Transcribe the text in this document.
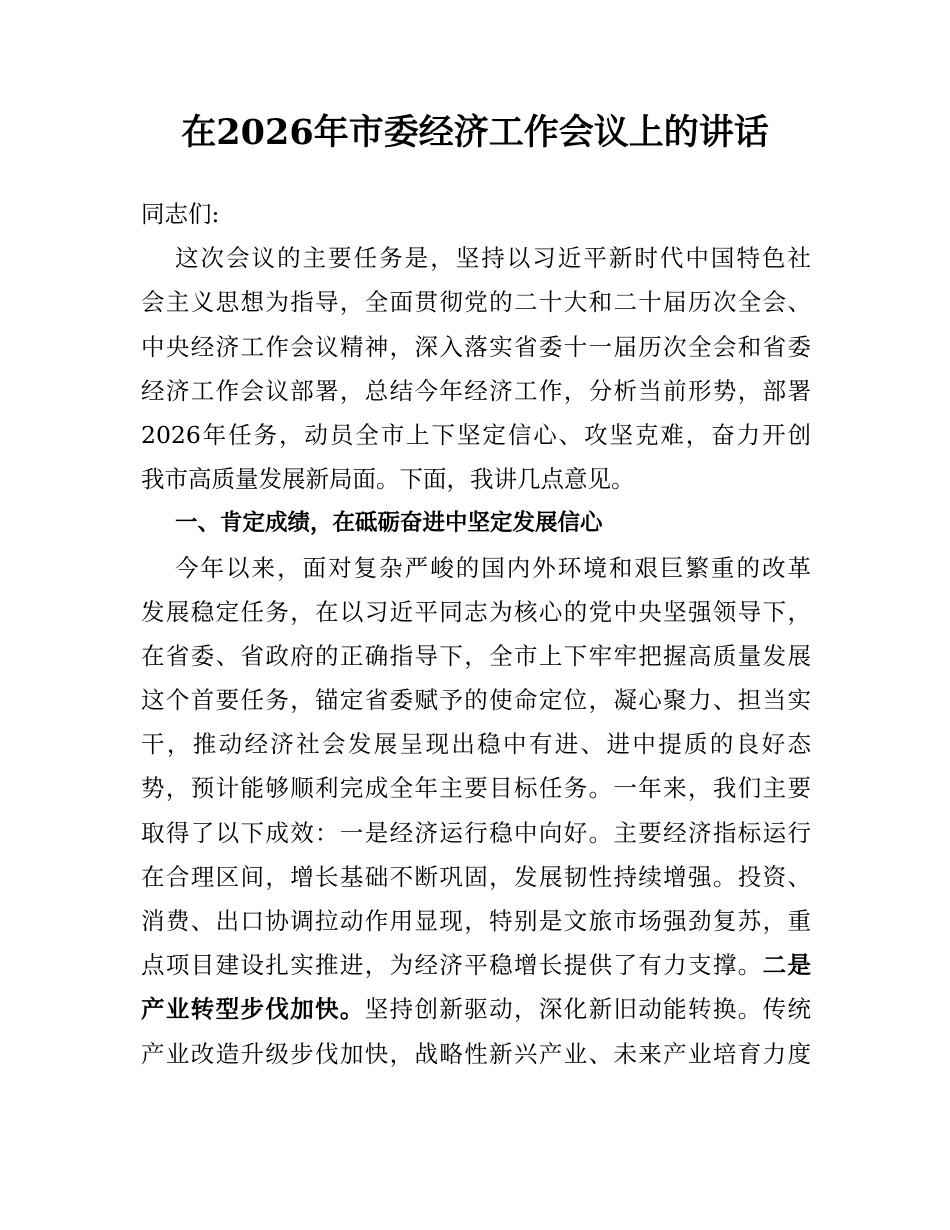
在2026年市委经济工作会议上的讲话
同志们:
这次会议的主要任务是，坚持以习近平新时代中国特色社
会主义思想为指导，全面贯彻党的二十大和二十届历次全会、
中央经济工作会议精神，深入落实省委十一届历次全会和省委
经济工作会议部署，总结今年经济工作，分析当前形势，部署
2026年任务，动员全市上下坚定信心、攻坚克难，奋力开创
我市高质量发展新局面。下面，我讲几点意见。
一、肯定成绩，在砥砺奋进中坚定发展信心
今年以来，面对复杂严峻的国内外环境和艰巨繁重的改革
发展稳定任务，在以习近平同志为核心的党中央坚强领导下，
在省委、省政府的正确指导下，全市上下牢牢把握高质量发展
这个首要任务，锚定省委赋予的使命定位，凝心聚力、担当实
干，推动经济社会发展呈现出稳中有进、进中提质的良好态
势，预计能够顺利完成全年主要目标任务。一年来，我们主要
取得了以下成效：一是经济运行稳中向好。主要经济指标运行
在合理区间，增长基础不断巩固，发展韧性持续增强。投资、
消费、出口协调拉动作用显现，特别是文旅市场强劲复苏，重
点项目建设扎实推进，为经济平稳增长提供了有力支撑。二是
产业转型步伐加快。坚持创新驱动，深化新旧动能转换。传统
产业改造升级步伐加快，战略性新兴产业、未来产业培育力度
